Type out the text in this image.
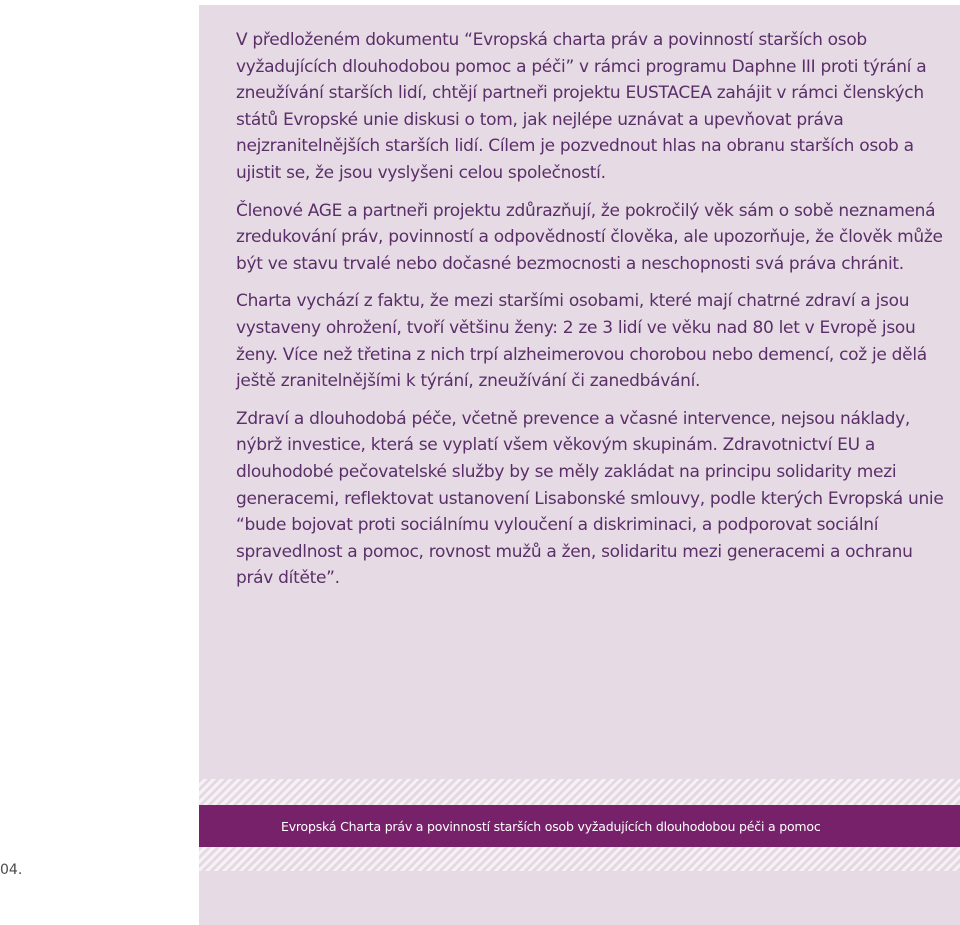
V předloženém dokumentu “Evropská charta práv a povinností starších osob vyžadujících dlouhodobou pomoc a péči” v rámci programu Daphne III proti týrání a zneužívání starších lidí, chtějí partneři projektu EUSTACEA zahájit v rámci členských států Evropské unie diskusi o tom, jak nejlépe uznávat a upevňovat práva nejzranitelnějších starších lidí. Cílem je pozvednout hlas na obranu starších osob a ujistit se, že jsou vyslyšeni celou společností.

Členové AGE a partneři projektu zdůrazňují, že pokročilý věk sám o sobě neznamená zredukování práv, povinností a odpovědností člověka, ale upozorňuje, že člověk může být ve stavu trvalé nebo dočasné bezmocnosti a neschopnosti svá práva chránit.

Charta vychází z faktu, že mezi staršími osobami, které mají chatrné zdraví a jsou vystaveny ohrožení, tvoří většinu ženy: 2 ze 3 lidí ve věku nad 80 let v Evropě jsou ženy. Více než třetina z nich trpí alzheimerovou chorobou nebo demencí, což je dělá ještě zranitelnějšími k týrání, zneužívání či zanedbávání.

Zdraví a dlouhodobá péče, včetně prevence a včasné intervence, nejsou náklady, nýbrž investice, která se vyplatí všem věkovým skupinám. Zdravotnictví EU a dlouhodobé pečovatelské služby by se měly zakládat na principu solidarity mezi generacemi, reflektovat ustanovení Lisabonské smlouvy, podle kterých Evropská unie “bude bojovat proti sociálnímu vyloučení a diskriminaci, a podporovat sociální spravedlnost a pomoc, rovnost mužů a žen, solidaritu mezi generacemi a ochranu práv dítěte”.

Evropská Charta práv a povinností starších osob vyžadujících dlouhodobou péči a pomoc
04.
